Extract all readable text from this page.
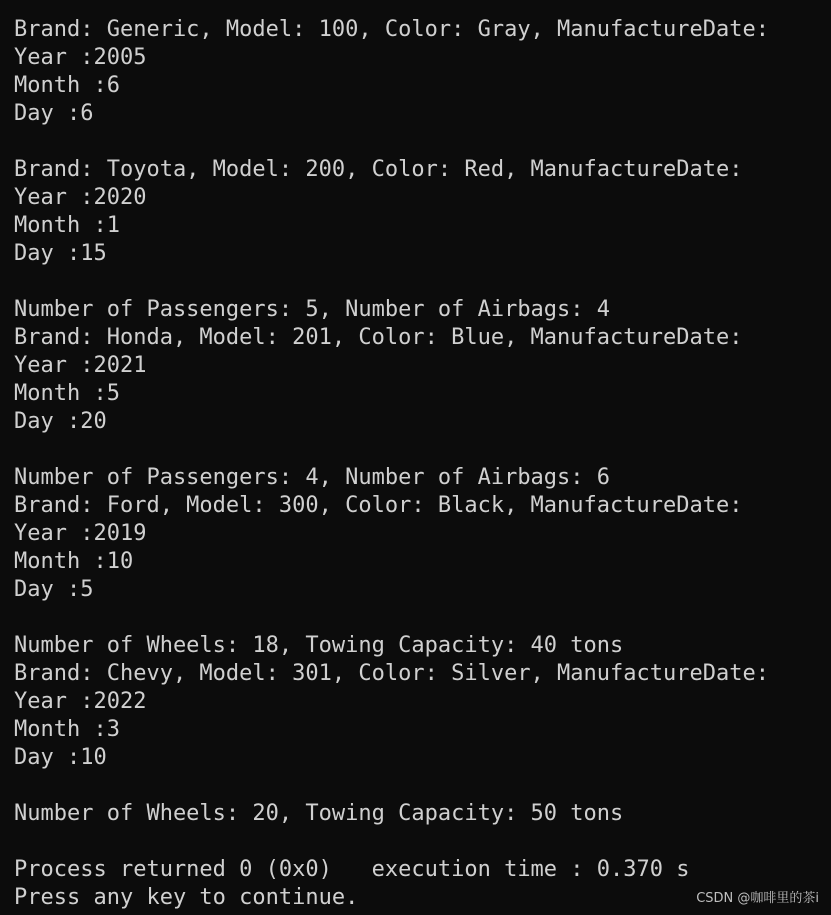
Brand: Generic, Model: 100, Color: Gray, ManufactureDate:
Year :2005
Month :6
Day :6
Brand: Toyota, Model: 200, Color: Red, ManufactureDate:
Year :2020
Month :1
Day :15
Number of Passengers: 5, Number of Airbags: 4
Brand: Honda, Model: 201, Color: Blue, ManufactureDate:
Year :2021
Month :5
Day :20
Number of Passengers: 4, Number of Airbags: 6
Brand: Ford, Model: 300, Color: Black, ManufactureDate:
Year :2019
Month :10
Day :5
Number of Wheels: 18, Towing Capacity: 40 tons
Brand: Chevy, Model: 301, Color: Silver, ManufactureDate:
Year :2022
Month :3
Day :10
Number of Wheels: 20, Towing Capacity: 50 tons
Process returned 0 (0x0)   execution time : 0.370 s
Press any key to continue.	CSDN @咖啡里的茶i
